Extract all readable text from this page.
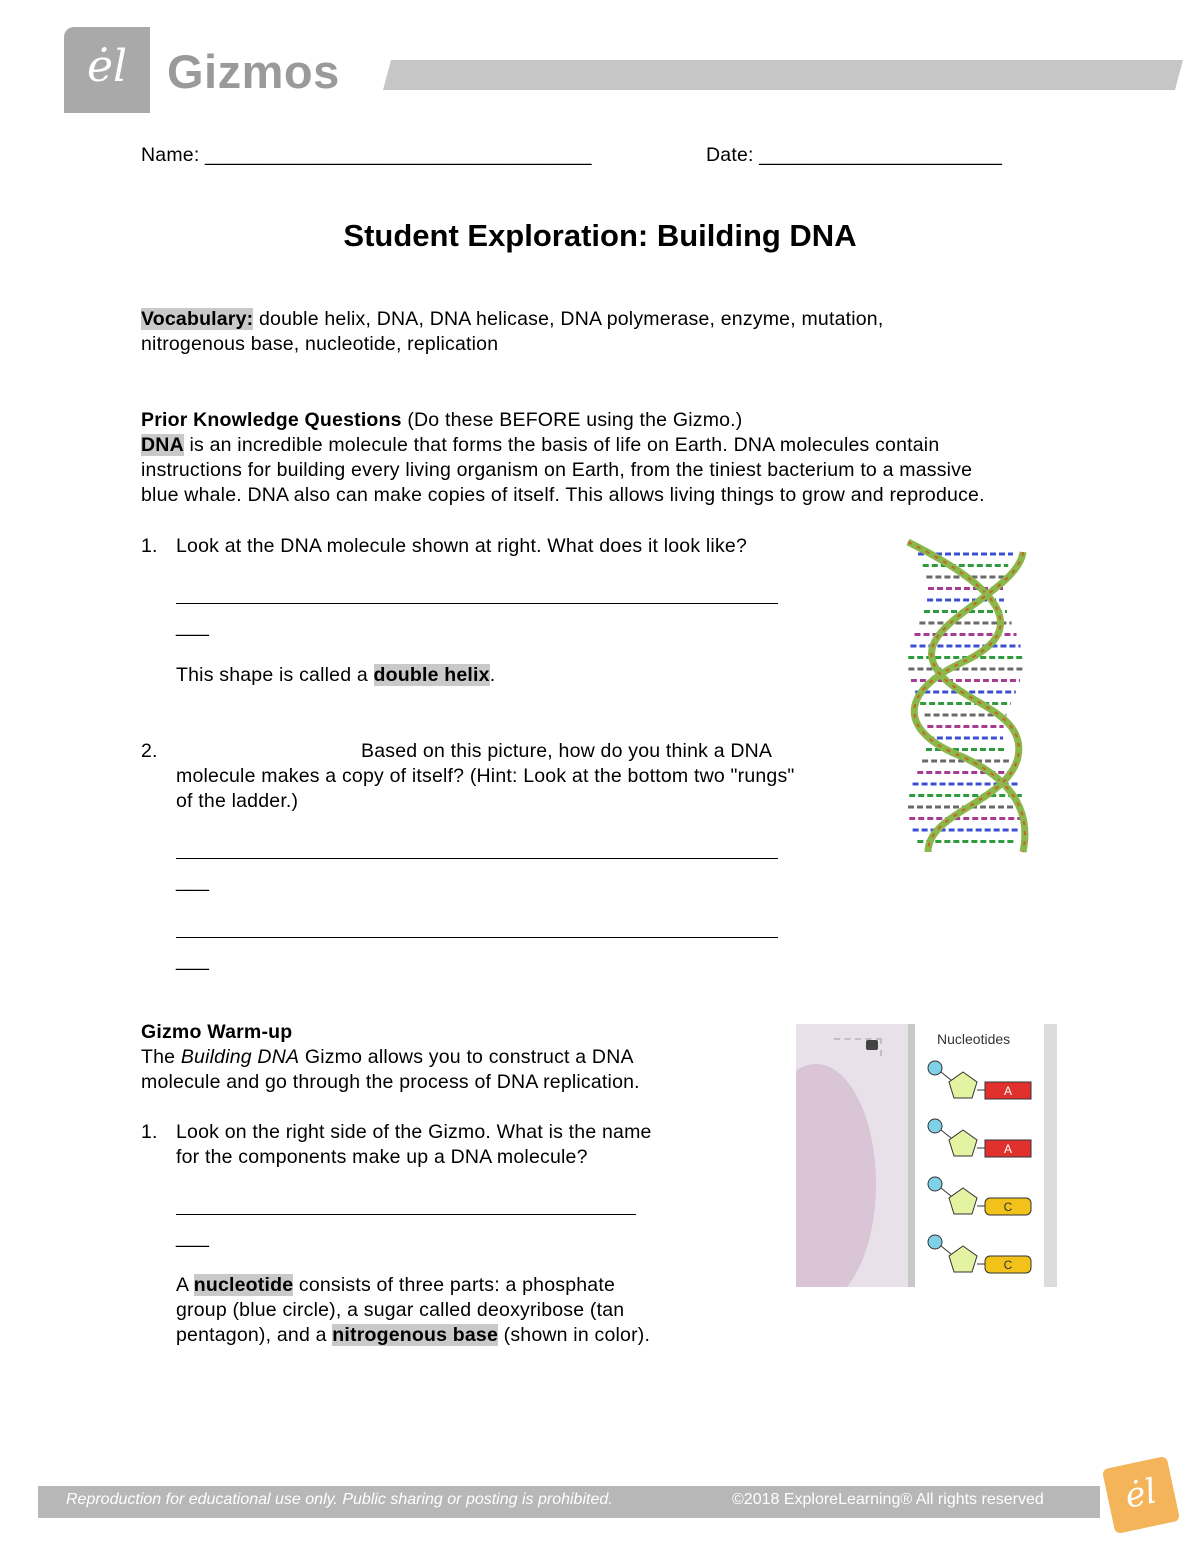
ėl Gizmos
Name: ___________________________________	Date: ______________________
Student Exploration: Building DNA
Vocabulary: double helix, DNA, DNA helicase, DNA polymerase, enzyme, mutation,
nitrogenous base, nucleotide, replication
Prior Knowledge Questions (Do these BEFORE using the Gizmo.)
DNA is an incredible molecule that forms the basis of life on Earth. DNA molecules contain
instructions for building every living organism on Earth, from the tiniest bacterium to a massive
blue whale. DNA also can make copies of itself. This allows living things to grow and reproduce.
1. Look at the DNA molecule shown at right. What does it look like?
___
This shape is called a double helix.
2.	Based on this picture, how do you think a DNA
molecule makes a copy of itself? (Hint: Look at the bottom two "rungs"
of the ladder.)
___
___
Gizmo Warm-up
The Building DNA Gizmo allows you to construct a DNA
molecule and go through the process of DNA replication.
1. Look on the right side of the Gizmo. What is the name
for the components make up a DNA molecule?
___
A nucleotide consists of three parts: a phosphate
group (blue circle), a sugar called deoxyribose (tan
pentagon), and a nitrogenous base (shown in color).
Nucleotides
A
A
C
C
Reproduction for educational use only. Public sharing or posting is prohibited.	©2018 ExploreLearning® All rights reserved	ėl
